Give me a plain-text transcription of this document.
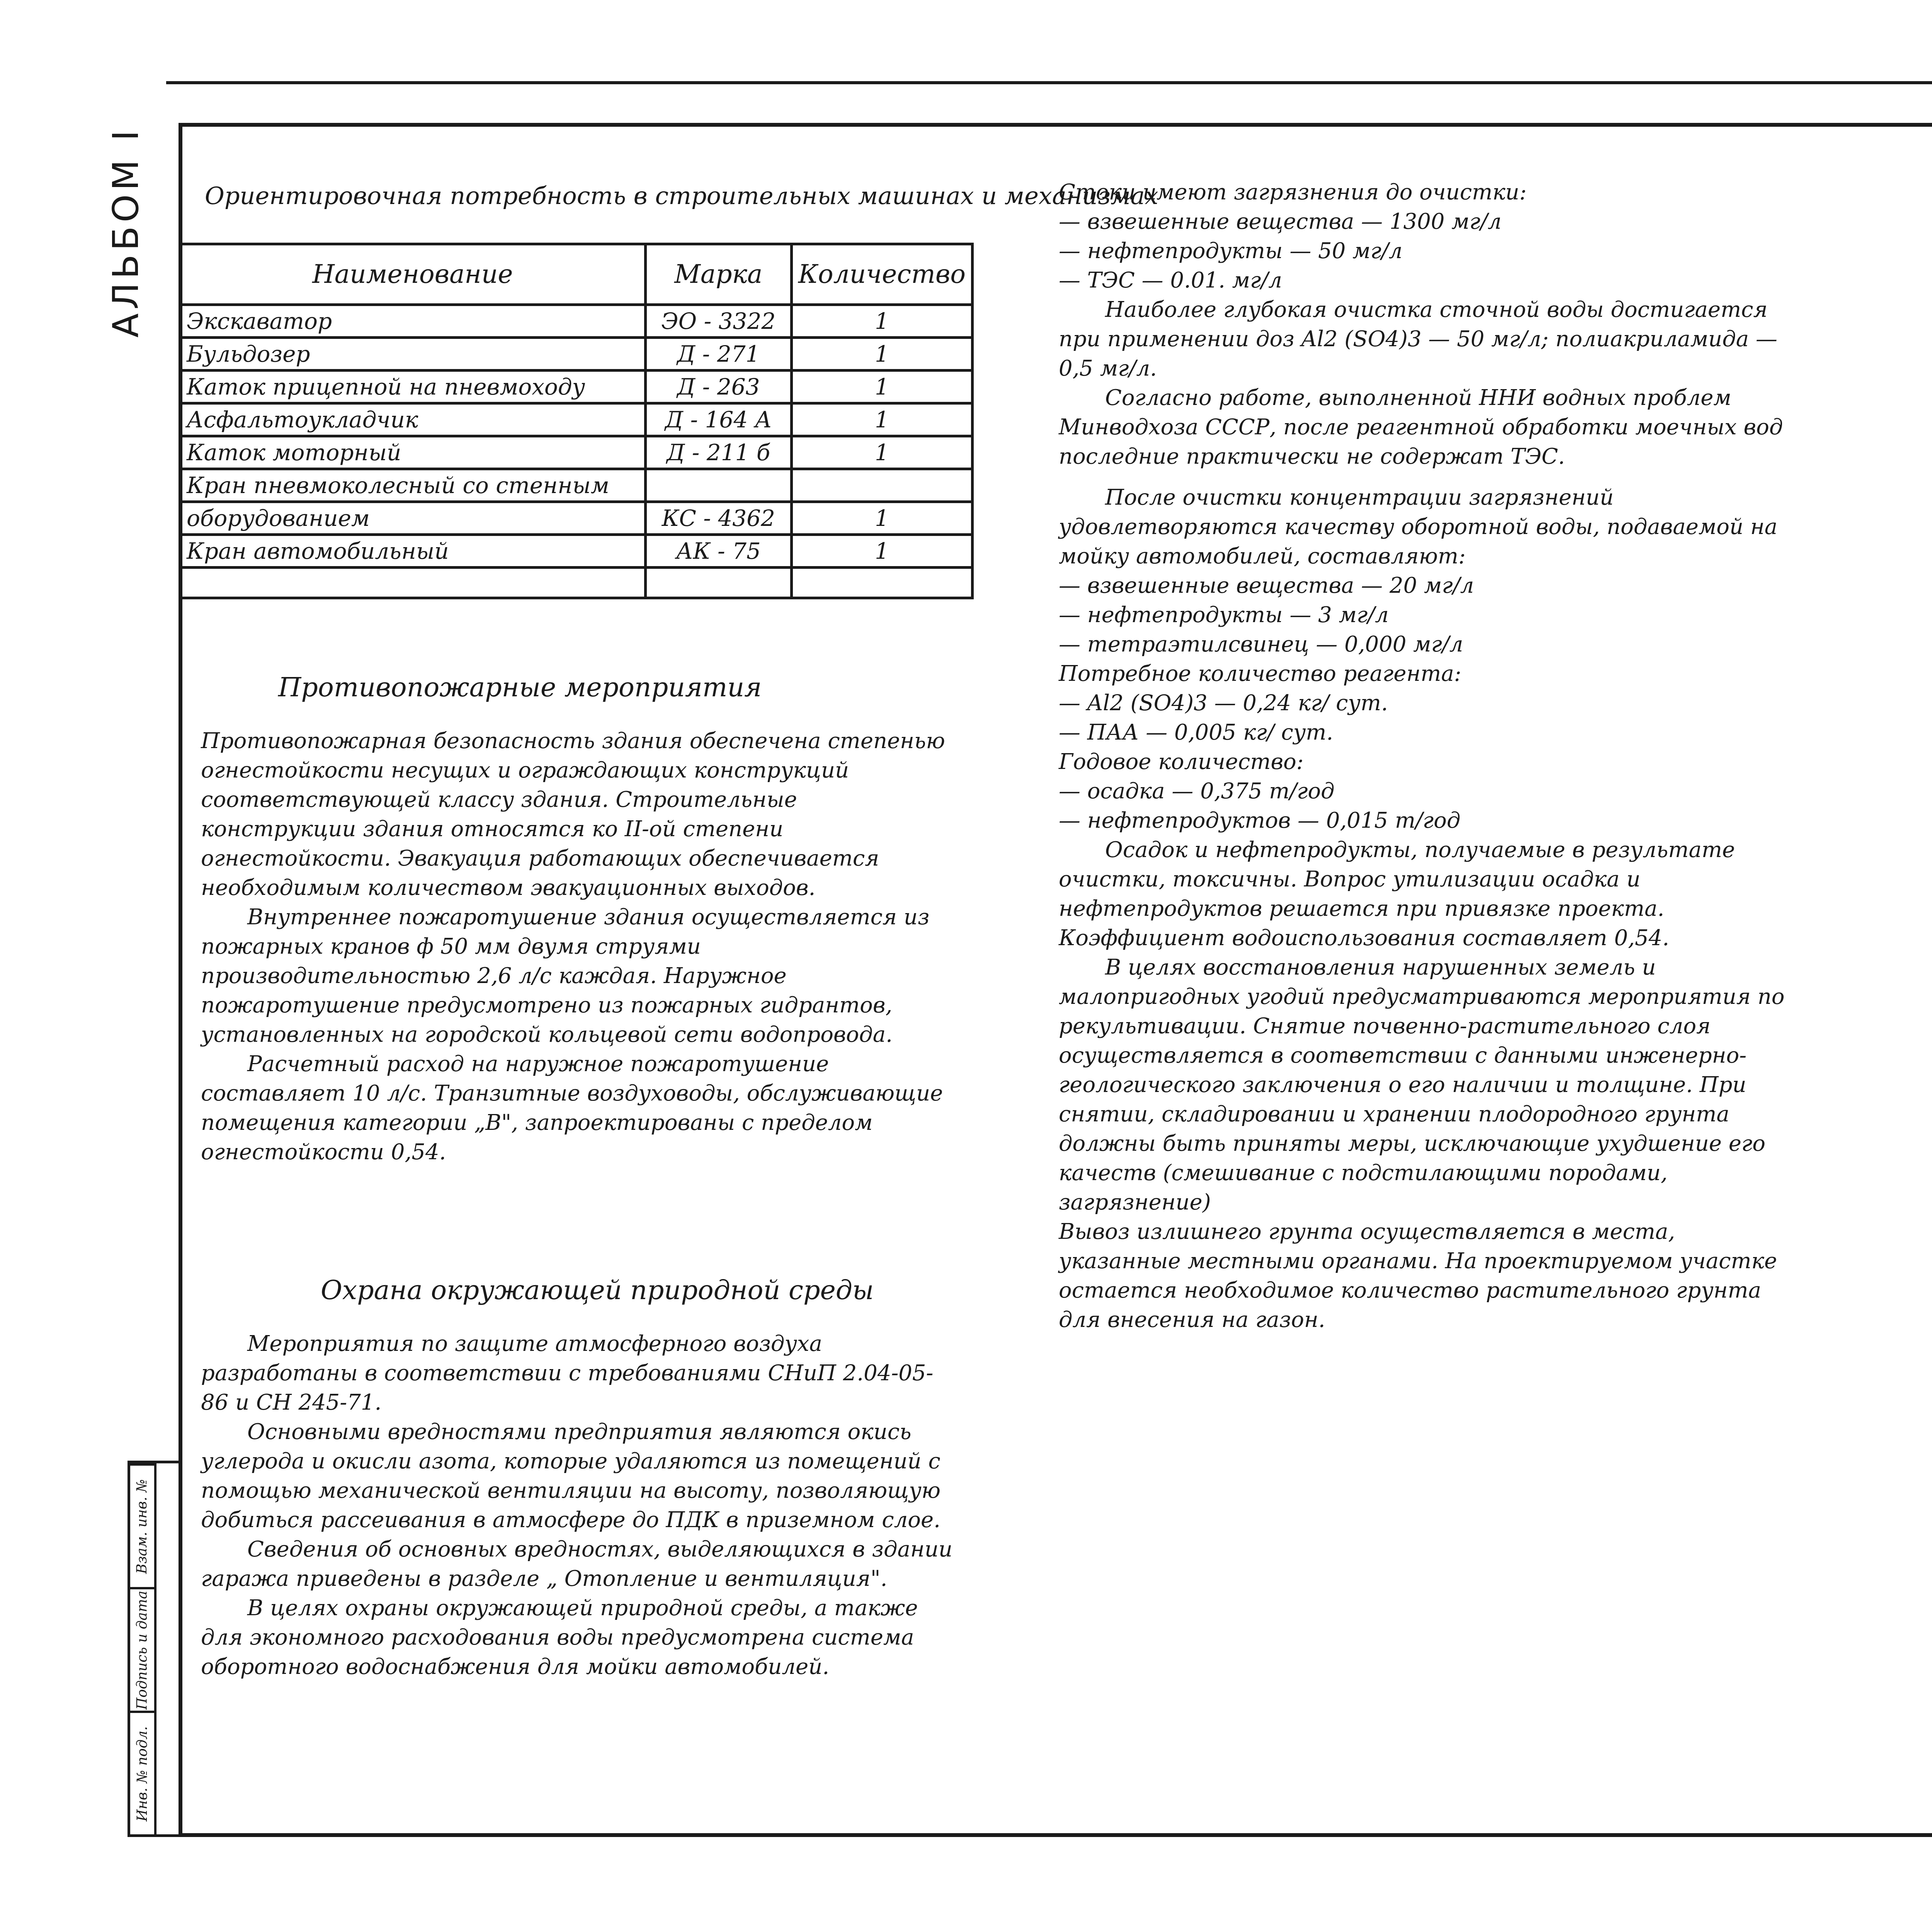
АЛЬБОМ I
Инв. № подл.
Подпись и дата
Взам. инв. №
Ориентировочная потребность в строительных машинах и механизмах
Наименование	Марка	Количество
Экскаватор	ЭО - 3322	1
Бульдозер	Д - 271	1
Каток прицепной на пневмоходу	Д - 263	1
Асфальтоукладчик	Д - 164 А	1
Каток моторный	Д - 211 б	1
Кран пневмоколесный со стенным		
оборудованием	КС - 4362	1
Кран автомобильный	АК - 75	1

Противопожарные мероприятия

Противопожарная безопасность здания обеспечена степенью огнестойкости несущих и ограждающих конструкций соответствующей классу здания. Строительные конструкции здания относятся ко II-ой степени огнестойкости. Эвакуация работающих обеспечивается необходимым количеством эвакуационных выходов.

Внутреннее пожаротушение здания осуществляется из пожарных кранов ф 50 мм двумя струями производительностью 2,6 л/с каждая. Наружное пожаротушение предусмотрено из пожарных гидрантов, установленных на городской кольцевой сети водопровода.

Расчетный расход на наружное пожаротушение составляет 10 л/с. Транзитные воздуховоды, обслуживающие помещения категории „В", запроектированы с пределом огнестойкости 0,54.

Охрана окружающей природной среды

Мероприятия по защите атмосферного воздуха разработаны в соответствии с требованиями СНиП 2.04-05-86 и СН 245-71.

Основными вредностями предприятия являются окись углерода и окисли азота, которые удаляются из помещений с помощью механической вентиляции на высоту, позволяющую добиться рассеивания в атмосфере до ПДК в приземном слое.

Сведения об основных вредностях, выделяющихся в здании гаража приведены в разделе „ Отопление и вентиляция".

В целях охраны окружающей природной среды, а также для экономного расходования воды предусмотрена система оборотного водоснабжения для мойки автомобилей.

Стоки имеют загрязнения до очистки:

— взвешенные вещества — 1300 мг/л

— нефтепродукты — 50 мг/л

— ТЭС — 0.01. мг/л

Наиболее глубокая очистка сточной воды достигается при применении доз Al2 (SO4)3 — 50 мг/л; полиакриламида — 0,5 мг/л.

Согласно работе, выполненной ННИ водных проблем Минводхоза СССР, после реагентной обработки моечных вод последние практически не содержат ТЭС.

После очистки концентрации загрязнений удовлетворяются качеству оборотной воды, подаваемой на мойку автомобилей, составляют:

— взвешенные вещества — 20 мг/л

— нефтепродукты — 3 мг/л

— тетраэтилсвинец — 0,000 мг/л

Потребное количество реагента:

— Al2 (SO4)3 — 0,24 кг/ сут.

— ПАА — 0,005 кг/ сут.

Годовое количество:

— осадка — 0,375 т/год

— нефтепродуктов — 0,015 т/год

Осадок и нефтепродукты, получаемые в результате очистки, токсичны. Вопрос утилизации осадка и нефтепродуктов решается при привязке проекта.

Коэффициент водоиспользования составляет 0,54.

В целях восстановления нарушенных земель и малопригодных угодий предусматриваются мероприятия по рекультивации. Снятие почвенно-растительного слоя осуществляется в соответствии с данными инженерно-геологического заключения о его наличии и толщине. При снятии, складировании и хранении плодородного грунта должны быть приняты меры, исключающие ухудшение его качеств (смешивание с подстилающими породами, загрязнение)

Вывоз излишнего грунта осуществляется в места, указанные местными органами. На проектируемом участке остается необходимое количество растительного грунта для внесения на газон.
